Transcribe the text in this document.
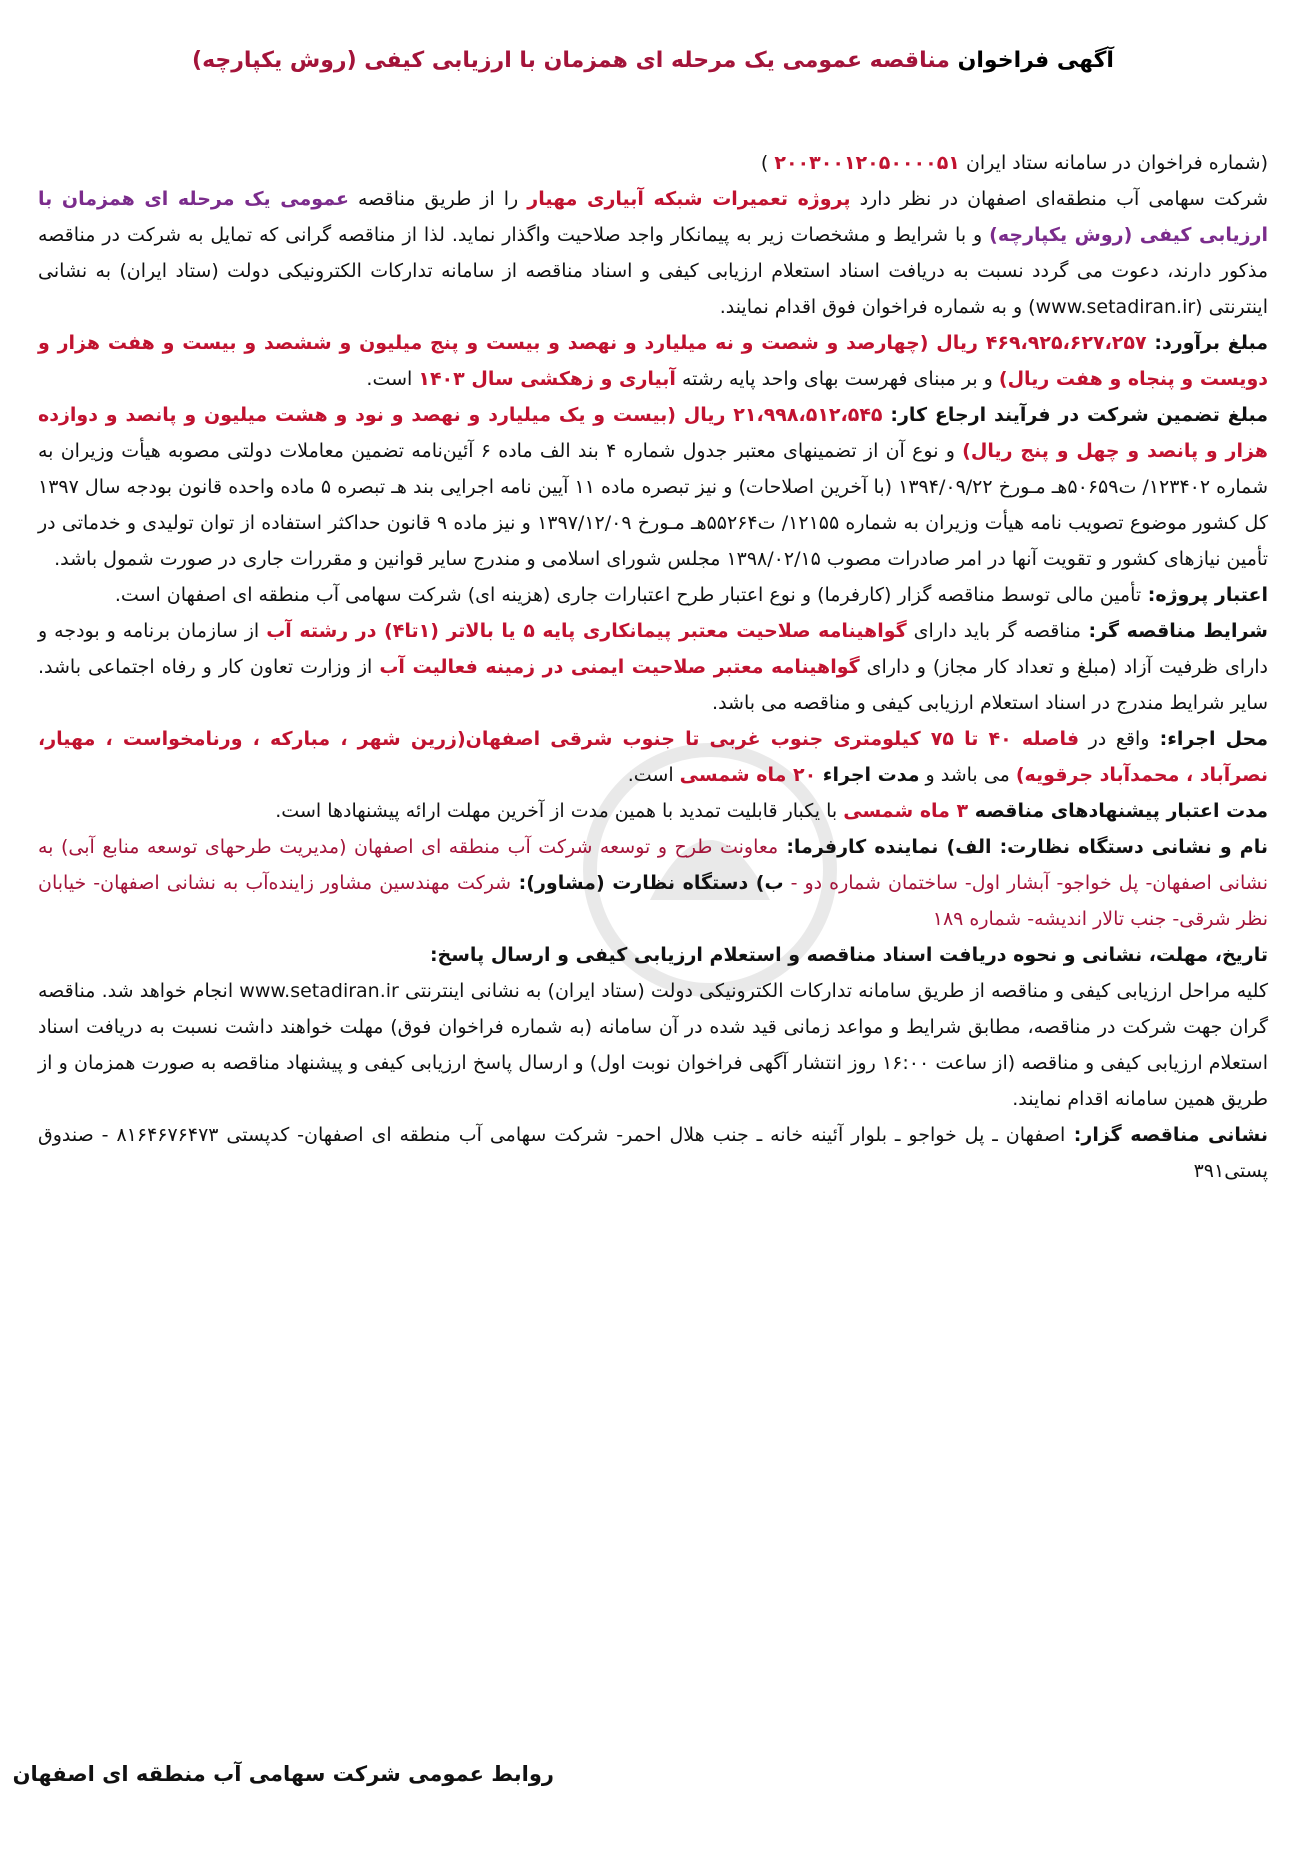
آگهی فراخوان مناقصه عمومی یک مرحله ای همزمان با ارزیابی کیفی (روش یکپارچه)

(شماره فراخوان در سامانه ستاد ایران ۲۰۰۳۰۰۱۲۰۵۰۰۰۰۵۱ )

شرکت سهامی آب منطقه‌ای اصفهان در نظر دارد پروژه تعمیرات شبکه آبیاری مهیار را از طریق مناقصه عمومی یک مرحله ای همزمان با ارزیابی کیفی (روش یکپارچه) و با شرایط و مشخصات زیر به پیمانکار واجد صلاحیت واگذار نماید. لذا از مناقصه گرانی که تمایل به شرکت در مناقصه مذکور دارند، دعوت می گردد نسبت به دریافت اسناد استعلام ارزیابی کیفی و اسناد مناقصه از سامانه تدارکات الکترونیکی دولت (ستاد ایران) به نشانی اینترنتی (www.setadiran.ir) و به شماره فراخوان فوق اقدام نمایند.

مبلغ برآورد: ۴۶۹،۹۲۵،۶۲۷،۲۵۷ ریال (چهارصد و شصت و نه میلیارد و نهصد و بیست و پنج میلیون و ششصد و بیست و هفت هزار و دویست و پنجاه و هفت ریال) و بر مبنای فهرست بهای واحد پایه رشته آبیاری و زهکشی سال ۱۴۰۳ است.

مبلغ تضمین شرکت در فرآیند ارجاع کار: ۲۱،۹۹۸،۵۱۲،۵۴۵ ریال (بیست و یک میلیارد و نهصد و نود و هشت میلیون و پانصد و دوازده هزار و پانصد و چهل و پنج ریال) و نوع آن از تضمینهای معتبر جدول شماره ۴ بند الف ماده ۶ آئین‌نامه تضمین معاملات دولتی مصوبه هیأت وزیران به شماره ۱۲۳۴۰۲/ ت۵۰۶۵۹هـ مـورخ ۱۳۹۴/۰۹/۲۲ (با آخرین اصلاحات) و نیز تبصره ماده ۱۱ آیین نامه اجرایی بند هـ تبصره ۵ ماده واحده قانون بودجه سال ۱۳۹۷ کل کشور موضوع تصویب نامه هیأت وزیران به شماره ۱۲۱۵۵/ ت۵۵۲۶۴هـ مـورخ ۱۳۹۷/۱۲/۰۹ و نیز ماده ۹ قانون حداکثر استفاده از توان تولیدی و خدماتی در تأمین نیازهای کشور و تقویت آنها در امر صادرات مصوب ۱۳۹۸/۰۲/۱۵ مجلس شورای اسلامی و مندرج سایر قوانین و مقررات جاری در صورت شمول باشد.

اعتبار پروژه: تأمین مالی توسط مناقصه گزار (کارفرما) و نوع اعتبار طرح اعتبارات جاری (هزینه ای) شرکت سهامی آب منطقه ای اصفهان است.

شرایط مناقصه گر: مناقصه گر باید دارای گواهینامه صلاحیت معتبر پیمانکاری پایه ۵ یا بالاتر (۱تا۴) در رشته آب از سازمان برنامه و بودجه و دارای ظرفیت آزاد (مبلغ و تعداد کار مجاز) و دارای گواهینامه معتبر صلاحیت ایمنی در زمینه فعالیت آب از وزارت تعاون کار و رفاه اجتماعی باشد. سایر شرایط مندرج در اسناد استعلام ارزیابی کیفی و مناقصه می باشد.

محل اجراء: واقع در فاصله ۴۰ تا ۷۵ کیلومتری جنوب غربی تا جنوب شرقی اصفهان(زرین شهر ، مبارکه ، ورنامخواست ، مهیار، نصرآباد ، محمدآباد جرقویه) می باشد و مدت اجراء ۲۰ ماه شمسی است.

مدت اعتبار پیشنهادهای مناقصه ۳ ماه شمسی با یکبار قابلیت تمدید با همین مدت از آخرین مهلت ارائه پیشنهادها است.

نام و نشانی دستگاه نظارت: الف) نماینده کارفرما: معاونت طرح و توسعه شرکت آب منطقه ای اصفهان (مدیریت طرحهای توسعه منابع آبی) به نشانی اصفهان- پل خواجو- آبشار اول- ساختمان شماره دو - ب) دستگاه نظارت (مشاور): شرکت مهندسین مشاور زاینده‌آب به نشانی اصفهان- خیابان نظر شرقی- جنب تالار اندیشه- شماره ۱۸۹

تاریخ، مهلت، نشانی و نحوه دریافت اسناد مناقصه و استعلام ارزیابی کیفی و ارسال پاسخ:

کلیه مراحل ارزیابی کیفی و مناقصه از طریق سامانه تدارکات الکترونیکی دولت (ستاد ایران) به نشانی اینترنتی www.setadiran.ir انجام خواهد شد. مناقصه گران جهت شرکت در مناقصه، مطابق شرایط و مواعد زمانی قید شده در آن سامانه (به شماره فراخوان فوق) مهلت خواهند داشت نسبت به دریافت اسناد استعلام ارزیابی کیفی و مناقصه (از ساعت ۱۶:۰۰ روز انتشار آگهی فراخوان نوبت اول) و ارسال پاسخ ارزیابی کیفی و پیشنهاد مناقصه به صورت همزمان و از طریق همین سامانه اقدام نمایند.

نشانی مناقصه گزار: اصفهان ـ پل خواجو ـ بلوار آئینه خانه ـ جنب هلال احمر- شرکت سهامی آب منطقه ای اصفهان- کدپستی ۸۱۶۴۶۷۶۴۷۳ - صندوق پستی۳۹۱

روابط عمومی شرکت سهامی آب منطقه ای اصفهان
